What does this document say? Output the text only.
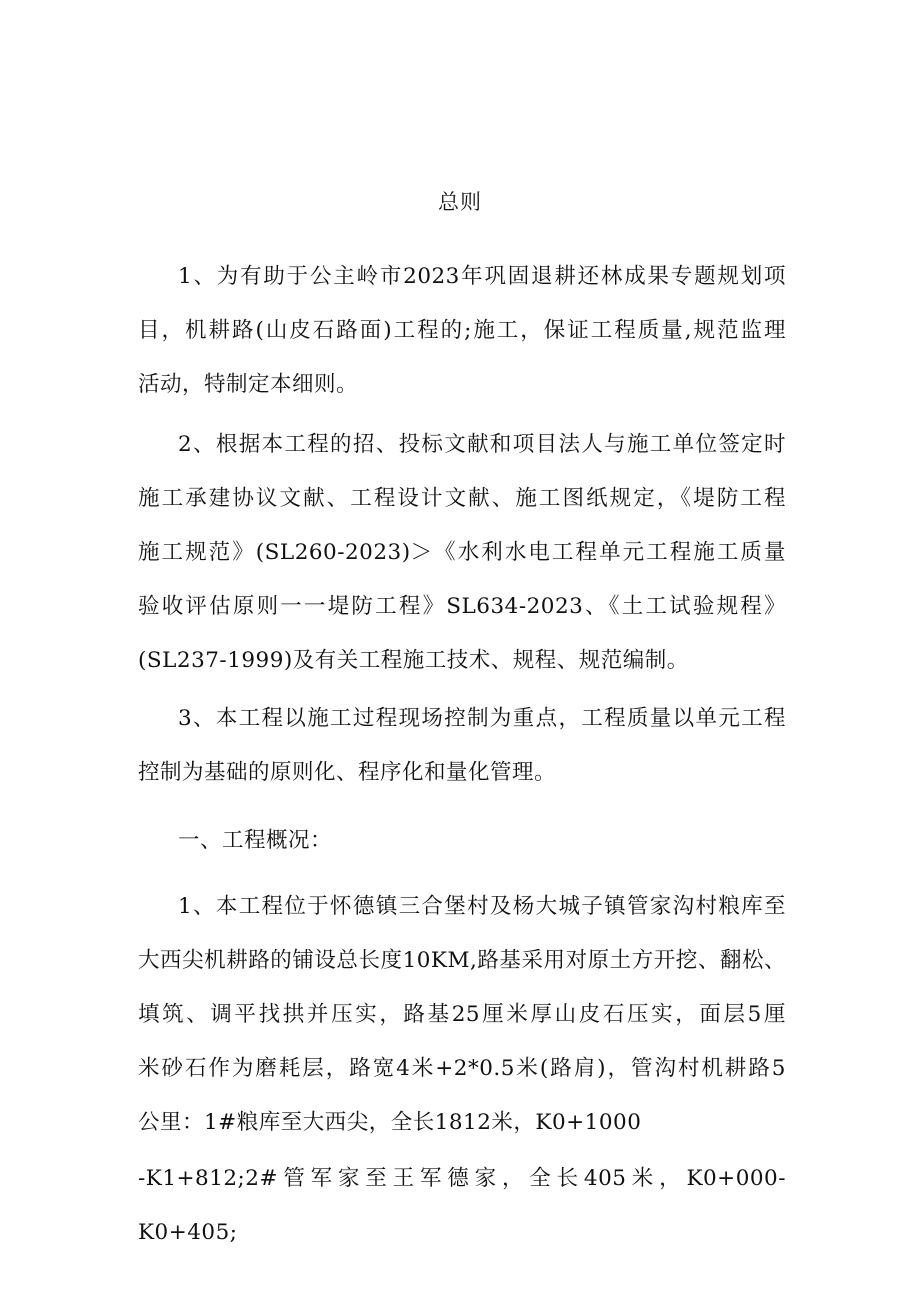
总则
1、为有助于公主岭市2023年巩固退耕还林成果专题规划项
目，机耕路(山皮石路面)工程的;施工，保证工程质量,规范监理
活动，特制定本细则。
2、根据本工程的招、投标文献和项目法人与施工单位签定时
施工承建协议文献、工程设计文献、施工图纸规定，《堤防工程
施工规范》(SL260-2023)＞《水利水电工程单元工程施工质量
验收评估原则一一堤防工程》SL634-2023、《土工试验规程》
(SL237-1999)及有关工程施工技术、规程、规范编制。
3、本工程以施工过程现场控制为重点，工程质量以单元工程
控制为基础的原则化、程序化和量化管理。
一、工程概况：
1、本工程位于怀德镇三合堡村及杨大城子镇管家沟村粮库至
大西尖机耕路的铺设总长度10KM,路基采用对原土方开挖、翻松、
填筑、调平找拱并压实，路基25厘米厚山皮石压实，面层5厘
米砂石作为磨耗层，路宽4米+2*0.5米(路肩)，管沟村机耕路5
公里：1#粮库至大西尖，全长1812米，K0+1000
-K1+812;2#管军家至王军德家，全长405米，K0+000-K0+405;
